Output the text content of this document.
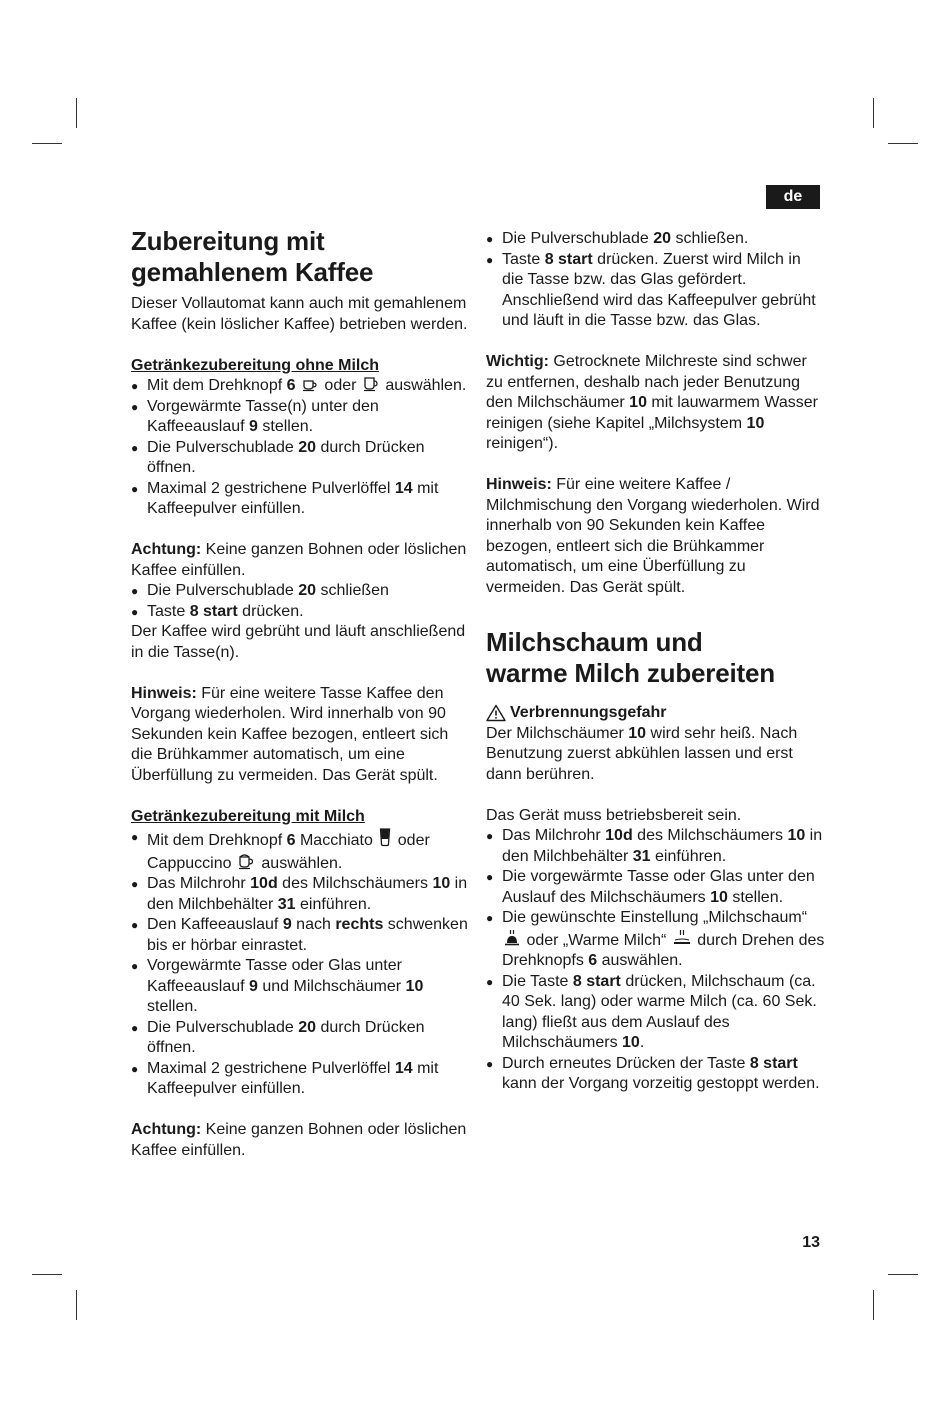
de
Zubereitung mit
gemahlenem Kaffee

Dieser Vollautomat kann auch mit gemahlenem Kaffee (kein löslicher Kaffee) betrieben werden.

Getränkezubereitung ohne Milch

● Mit dem Drehknopf 6  oder  auswählen.
● Vorgewärmte Tasse(n) unter den Kaffeeauslauf 9 stellen.
● Die Pulverschublade 20 durch Drücken öffnen.
● Maximal 2 gestrichene Pulverlöffel 14 mit Kaffeepulver einfüllen.

Achtung: Keine ganzen Bohnen oder löslichen Kaffee einfüllen.

● Die Pulverschublade 20 schließen
● Taste 8 start drücken.

Der Kaffee wird gebrüht und läuft anschließend in die Tasse(n).

Hinweis: Für eine weitere Tasse Kaffee den Vorgang wiederholen. Wird innerhalb von 90 Sekunden kein Kaffee bezogen, entleert sich die Brühkammer automatisch, um eine Überfüllung zu vermeiden. Das Gerät spült.

Getränkezubereitung mit Milch

● Mit dem Drehknopf 6 Macchiato  oder Cappuccino  auswählen.
● Das Milchrohr 10d des Milchschäumers 10 in den Milchbehälter 31 einführen.
● Den Kaffeeauslauf 9 nach rechts schwenken bis er hörbar einrastet.
● Vorgewärmte Tasse oder Glas unter Kaffeeauslauf 9 und Milchschäumer 10 stellen.
● Die Pulverschublade 20 durch Drücken öffnen.
● Maximal 2 gestrichene Pulverlöffel 14 mit Kaffeepulver einfüllen.

Achtung: Keine ganzen Bohnen oder löslichen Kaffee einfüllen.

● Die Pulverschublade 20 schließen.
● Taste 8 start drücken. Zuerst wird Milch in die Tasse bzw. das Glas gefördert. Anschließend wird das Kaffeepulver gebrüht und läuft in die Tasse bzw. das Glas.

Wichtig: Getrocknete Milchreste sind schwer zu entfernen, deshalb nach jeder Benutzung den Milchschäumer 10 mit lauwarmem Wasser reinigen (siehe Kapitel „Milchsystem 10 reinigen“).

Hinweis: Für eine weitere Kaffee / Milchmischung den Vorgang wiederholen. Wird innerhalb von 90 Sekunden kein Kaffee bezogen, entleert sich die Brühkammer automatisch, um eine Überfüllung zu vermeiden. Das Gerät spült.

Milchschaum und
warme Milch zubereiten

Verbrennungsgefahr

Der Milchschäumer 10 wird sehr heiß. Nach Benutzung zuerst abkühlen lassen und erst dann berühren.

Das Gerät muss betriebsbereit sein.

● Das Milchrohr 10d des Milchschäumers 10 in den Milchbehälter 31 einführen.
● Die vorgewärmte Tasse oder Glas unter den Auslauf des Milchschäumers 10 stellen.
● Die gewünschte Einstellung „Milchschaum“  oder „Warme Milch“  durch Drehen des Drehknopfs 6 auswählen.
● Die Taste 8 start drücken, Milchschaum (ca. 40 Sek. lang) oder warme Milch (ca. 60 Sek. lang) fließt aus dem Auslauf des Milchschäumers 10.
● Durch erneutes Drücken der Taste 8 start kann der Vorgang vorzeitig gestoppt werden.
13
